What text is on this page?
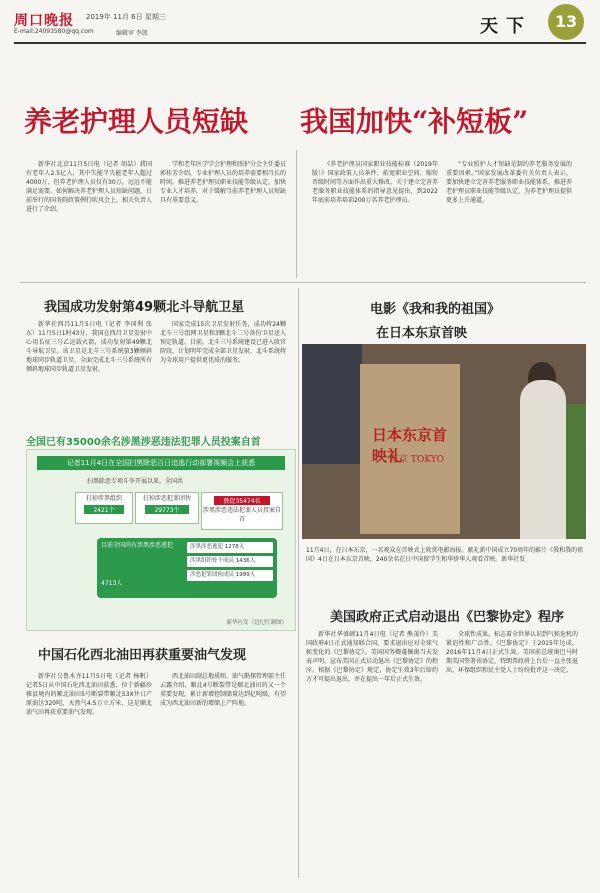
周口晚报 2019年 11月 6日 星期三
E-mail:24093580@qq.com	编辑审 李凯	天下	13
养老护理人员短缺 我国加快“补短板”

新华社北京11月5日电（记者 胡喆）我国有老年人2.5亿人，其中失能半失能老年人超过4000万，但养老护理人员仅有30万，远远不能满足需要。如何解决养老护理人员短缺问题，日前举行的国务院政策例行吹风会上，相关负责人进行了介绍。

学和老年医学学会护理和照护分会主任委员郭桂芳介绍，专业护理人员的培养需要相当长的时间，推进养老护理员职业技能等级认定，加快专业人才培养，对于缓解当前养老护理人员短缺具有重要意义。

《养老护理员国家职业技能标准（2019年版）》国家政策人员条件、拓宽职业空间、缩短晋级时间等方面作出重大修改。关于建立完善养老服务职业技能体系的指导意见提出，到2022年底前培养培训200万名养老护理员。

“专业照护人才短缺是制约养老服务发展的重要因素。”国家发展改革委有关负责人表示，要加快建立完善养老服务职业技能体系，推进养老护理员职业技能等级认定，为养老护理员提供更多上升通道。

我国成功发射第49颗北斗导航卫星

新华社西昌11月5日电（记者 李国利 张东）11月5日1时43分，我国在西昌卫星发射中心用长征三号乙运载火箭，成功发射第49颗北斗导航卫星。该卫星是北斗三号系统第3颗倾斜地球同步轨道卫星，全面完成北斗三号系统所有倾斜地球同步轨道卫星发射。

国家完成15次卫星发射任务，成功将24颗北斗三号组网卫星和3颗北斗二号备份卫星送入预定轨道。目前，北斗三号系统建设已进入收官阶段，计划明年完成全部卫星发射，北斗系统将为全球用户提供更优质的服务。

电影《我和我的祖国》
在日本东京首映
日本东京首映礼
东京 TOKYO
11月4日，在日本东京，一名观众在首映式上欣赏电影海报。献礼新中国成立70周年的影片《我和我的祖国》4日在日本东京首映，240余名在日中国留学生和华侨华人观看首映。新华社发
全国已有35000余名涉黑涉恶违法犯罪人员投案自首
记者11月4日在全国扫黑除恶百日追逃行动部署视频会上获悉
扫黑除恶专项斗争开展以来，全国共
打掉涉黑组织
2421个
打掉涉恶犯罪团伙
29773个
敦促35474名
涉黑涉恶违法犯罪人员投案自首
目前全国尚有涉黑涉恶逃犯
4713人
涉黑涉恶逃犯 1278人
涉黑组织骨干成员 1436人
涉恶犯罪团伙成员 1999人
新华社发（边纪红制图）
中国石化西北油田再获重要油气发现

新华社乌鲁木齐11月5日电（记者 杨帆）记者5日从中国石化西北油田获悉，位于新疆沙雅县境内的顺北油田5号断裂带顺北53X井日产原油达320吨，天然气4.5万立方米，这是顺北油气田再获重要油气发现。

西北油田副总地质师、油气勘探管理部主任云露介绍，顺北4号断裂带是顺北油田的又一个重要发现，累计新增控制储量达到亿吨级，有望成为西北油田新的增储上产阵地。

美国政府正式启动退出《巴黎协定》程序

新华社华盛顿11月4日电（记者 熊茂伶）美国政府4日正式通知联合国，要求退出应对全球气候变化的《巴黎协定》。美国国务卿蓬佩奥当天发表声明，宣布美国正式启动退出《巴黎协定》的程序。根据《巴黎协定》规定，协定生效3年后缔约方才可提出退出，并在提出一年后正式生效。

全球性成果，标志着全世界认识到气候危机的紧迫性和广泛性。《巴黎协定》于2015年达成，2016年11月4日正式生效。美国前总统奥巴马时期美国签署该协定，特朗普政府上台后一直主张退出。环保组织和民主党人士纷纷批评这一决定。
